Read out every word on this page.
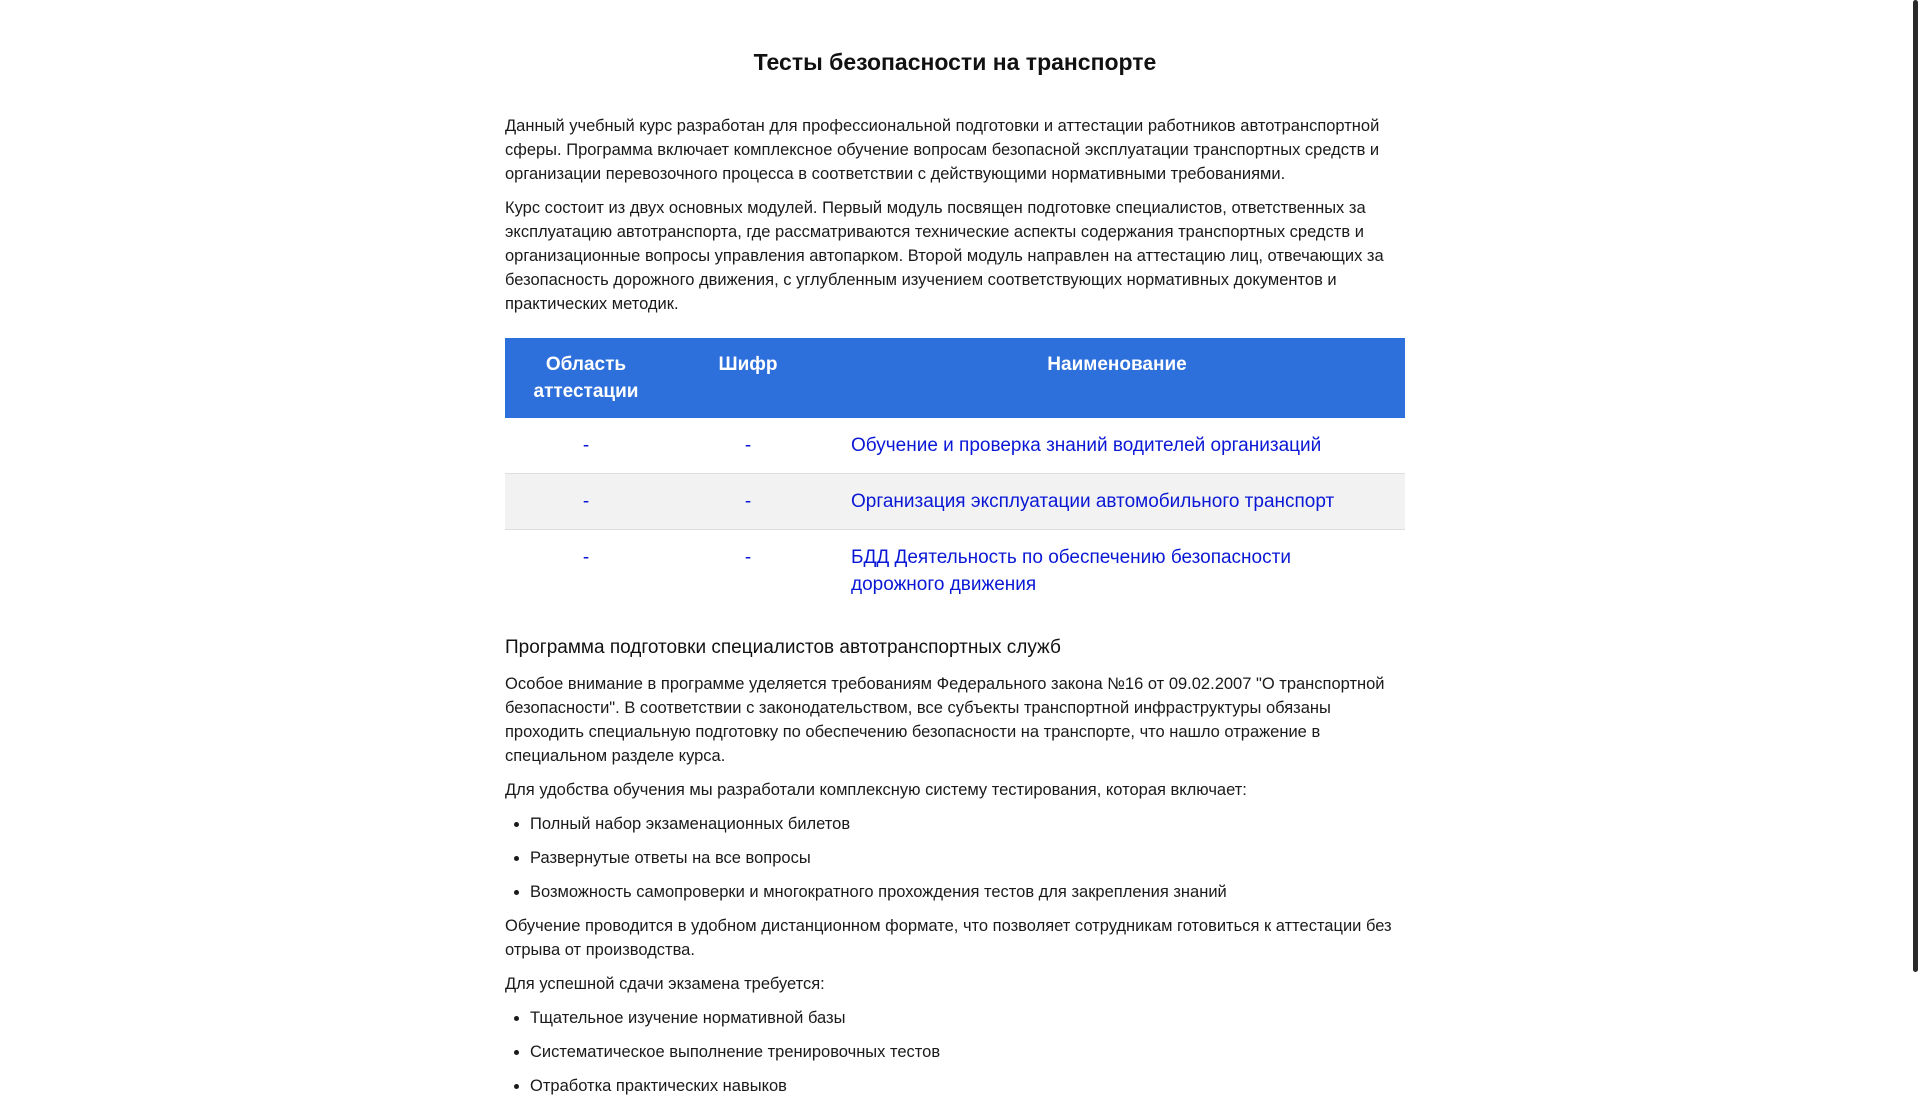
Тесты безопасности на транспорте

Данный учебный курс разработан для профессиональной подготовки и аттестации работников автотранспортной сферы. Программа включает комплексное обучение вопросам безопасной эксплуатации транспортных средств и организации перевозочного процесса в соответствии с действующими нормативными требованиями.

Курс состоит из двух основных модулей. Первый модуль посвящен подготовке специалистов, ответственных за эксплуатацию автотранспорта, где рассматриваются технические аспекты содержания транспортных средств и организационные вопросы управления автопарком. Второй модуль направлен на аттестацию лиц, отвечающих за безопасность дорожного движения, с углубленным изучением соответствующих нормативных документов и практических методик.

Область
аттестации	Шифр	Наименование
-	-	Обучение и проверка знаний водителей организаций
-	-	Организация эксплуатации автомобильного транспорт
-	-	БДД Деятельность по обеспечению безопасности дорожного движения
Программа подготовки специалистов автотранспортных служб

Особое внимание в программе уделяется требованиям Федерального закона №16 от 09.02.2007 "О транспортной безопасности". В соответствии с законодательством, все субъекты транспортной инфраструктуры обязаны проходить специальную подготовку по обеспечению безопасности на транспорте, что нашло отражение в специальном разделе курса.

Для удобства обучения мы разработали комплексную систему тестирования, которая включает:

• Полный набор экзаменационных билетов
• Развернутые ответы на все вопросы
• Возможность самопроверки и многократного прохождения тестов для закрепления знаний

Обучение проводится в удобном дистанционном формате, что позволяет сотрудникам готовиться к аттестации без отрыва от производства.

Для успешной сдачи экзамена требуется:

• Тщательное изучение нормативной базы
• Систематическое выполнение тренировочных тестов
• Отработка практических навыков
